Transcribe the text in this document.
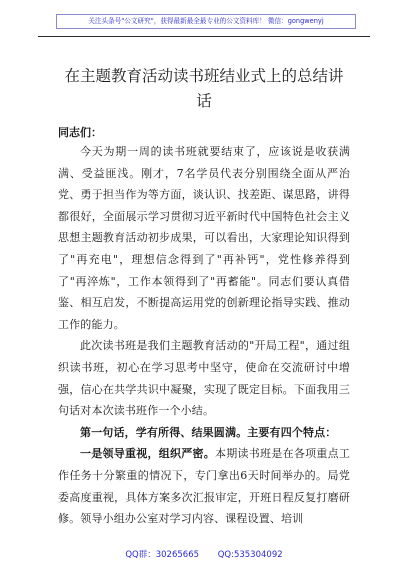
关注头条号"公文研究"，获得最新最全最专业的公文资料库！ 微信：gongwenyj
在主题教育活动读书班结业式上的总结讲话
同志们：

今天为期一周的读书班就要结束了，应该说是收获满满、受益匪浅。刚才，7名学员代表分别围绕全面从严治党、勇于担当作为等方面，谈认识、找差距、谋思路，讲得都很好，全面展示学习贯彻习近平新时代中国特色社会主义思想主题教育活动初步成果，可以看出，大家理论知识得到了"再充电"，理想信念得到了"再补钙"，党性修养得到了"再淬炼"，工作本领得到了"再蓄能"。同志们要认真借鉴、相互启发，不断提高运用党的创新理论指导实践、推动工作的能力。

此次读书班是我们主题教育活动的"开局工程"，通过组织读书班，初心在学习思考中坚守，使命在交流研讨中增强，信心在共学共识中凝聚，实现了既定目标。下面我用三句话对本次读书班作一个小结。

第一句话，学有所得、结果圆满。主要有四个特点：

一是领导重视，组织严密。本期读书班是在各项重点工作任务十分繁重的情况下，专门拿出6天时间举办的。局党委高度重视，具体方案多次汇报审定，开班日程反复打磨研修。领导小组办公室对学习内容、课程设置、培训

QQ群：30265665 QQ:535304092
